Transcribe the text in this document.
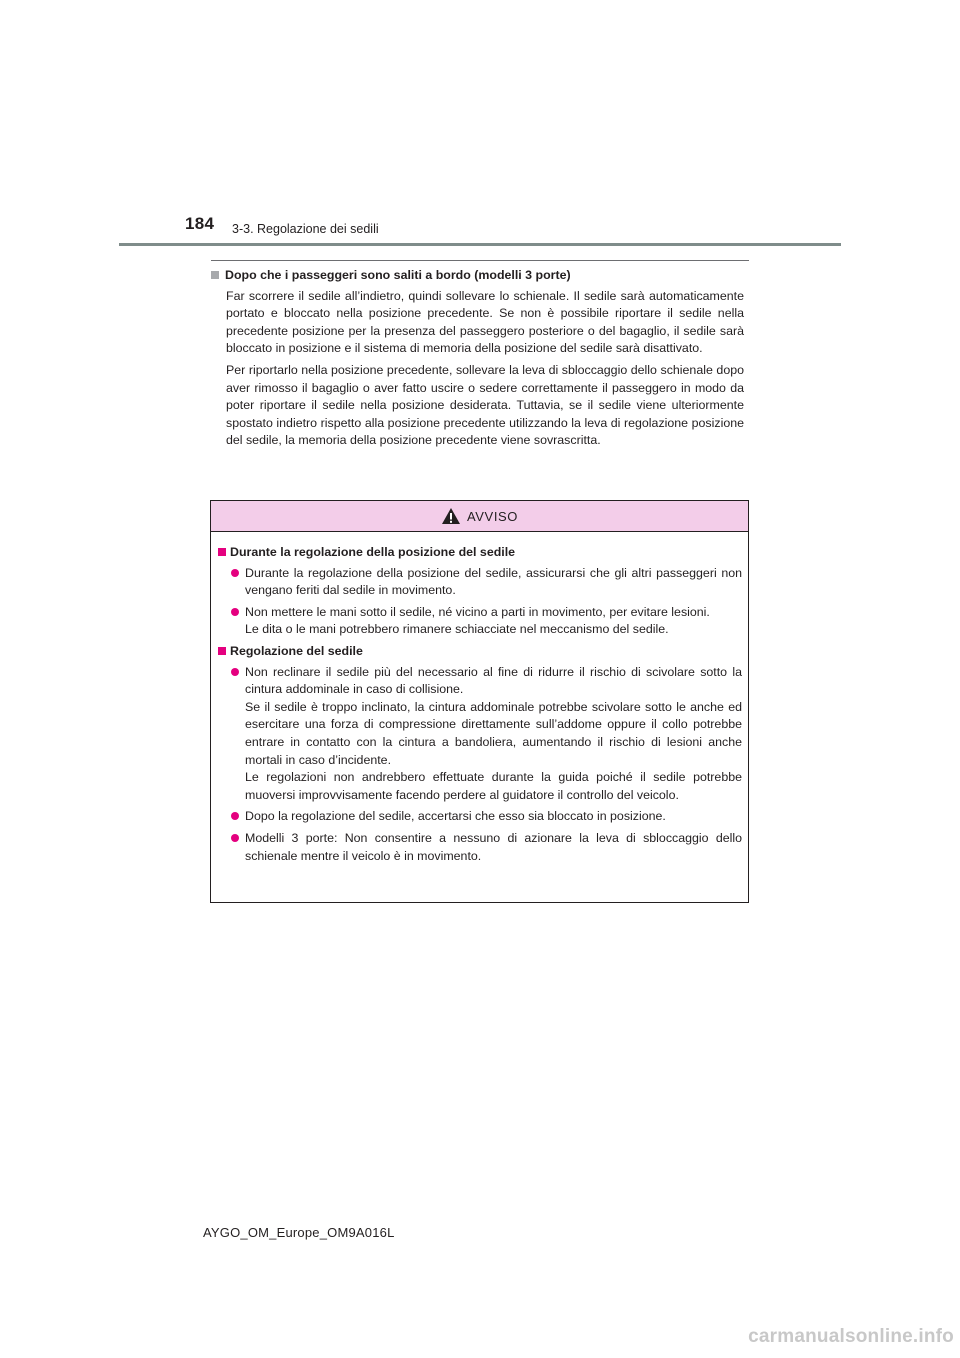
184 3-3. Regolazione dei sedili
Dopo che i passeggeri sono saliti a bordo (modelli 3 porte)

Far scorrere il sedile all’indietro, quindi sollevare lo schienale. Il sedile sarà automaticamente portato e bloccato nella posizione precedente. Se non è possibile riportare il sedile nella precedente posizione per la presenza del passeggero posteriore o del bagaglio, il sedile sarà bloccato in posizione e il sistema di memoria della posizione del sedile sarà disattivato.

Per riportarlo nella posizione precedente, sollevare la leva di sbloccaggio dello schienale dopo aver rimosso il bagaglio o aver fatto uscire o sedere correttamente il passeggero in modo da poter riportare il sedile nella posizione desiderata. Tuttavia, se il sedile viene ulteriormente spostato indietro rispetto alla posizione precedente utilizzando la leva di regolazione posizione del sedile, la memoria della posizione precedente viene sovrascritta.

AVVISO
Durante la regolazione della posizione del sedile
Durante la regolazione della posizione del sedile, assicurarsi che gli altri passeggeri non vengano feriti dal sedile in movimento.
Non mettere le mani sotto il sedile, né vicino a parti in movimento, per evitare lesioni.
Le dita o le mani potrebbero rimanere schiacciate nel meccanismo del sedile.
Regolazione del sedile
Non reclinare il sedile più del necessario al fine di ridurre il rischio di scivolare sotto la cintura addominale in caso di collisione.
Se il sedile è troppo inclinato, la cintura addominale potrebbe scivolare sotto le anche ed esercitare una forza di compressione direttamente sull’addome oppure il collo potrebbe entrare in contatto con la cintura a bandoliera, aumentando il rischio di lesioni anche mortali in caso d’incidente.
Le regolazioni non andrebbero effettuate durante la guida poiché il sedile potrebbe muoversi improvvisamente facendo perdere al guidatore il controllo del veicolo.
Dopo la regolazione del sedile, accertarsi che esso sia bloccato in posizione.
Modelli 3 porte: Non consentire a nessuno di azionare la leva di sbloccaggio dello schienale mentre il veicolo è in movimento.
AYGO_OM_Europe_OM9A016L
carmanualsonline.info
